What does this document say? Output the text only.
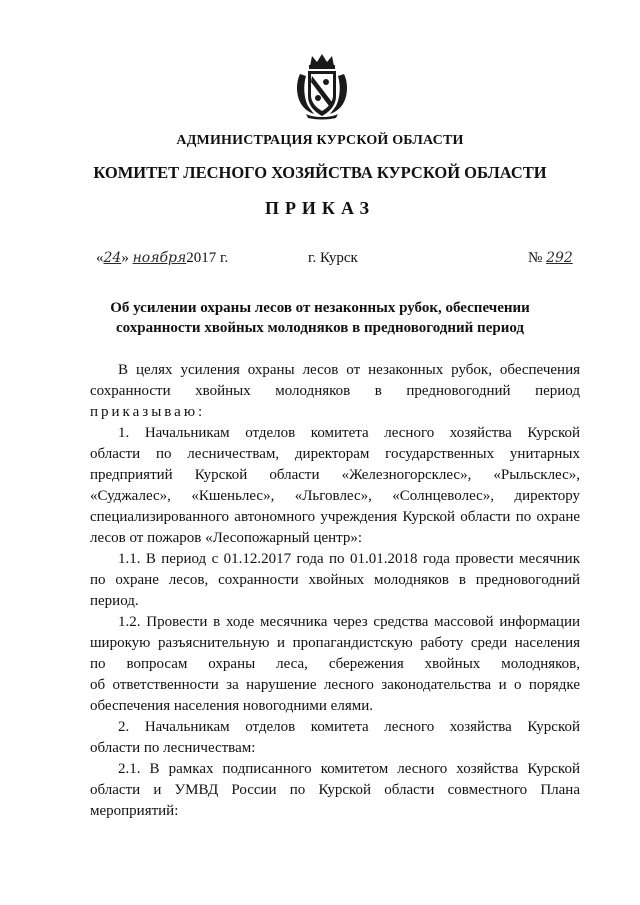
АДМИНИСТРАЦИЯ КУРСКОЙ ОБЛАСТИ
КОМИТЕТ ЛЕСНОГО ХОЗЯЙСТВА КУРСКОЙ ОБЛАСТИ
ПРИКАЗ
«24» ноября2017 г.	г. Курск	№ 292
Об усилении охраны лесов от незаконных рубок, обеспечении
сохранности хвойных молодняков в предновогодний период
В целях усиления охраны лесов от незаконных рубок, обеспечения
сохранности хвойных молодняков в предновогодний период
приказываю:
1. Начальникам отделов комитета лесного хозяйства Курской
области по лесничествам, директорам государственных унитарных
предприятий Курской области «Железногорсклес», «Рыльсклес»,
«Суджалес», «Кшеньлес», «Льговлес», «Солнцеволес», директору
специализированного автономного учреждения Курской области по охране
лесов от пожаров «Лесопожарный центр»:
1.1. В период с 01.12.2017 года по 01.01.2018 года провести месячник
по охране лесов, сохранности хвойных молодняков в предновогодний
период.
1.2. Провести в ходе месячника через средства массовой информации
широкую разъяснительную и пропагандистскую работу среди населения
по вопросам охраны леса, сбережения хвойных молодняков,
об ответственности за нарушение лесного законодательства и о порядке
обеспечения населения новогодними елями.
2. Начальникам отделов комитета лесного хозяйства Курской
области по лесничествам:
2.1. В рамках подписанного комитетом лесного хозяйства Курской
области и УМВД России по Курской области совместного Плана
мероприятий:
